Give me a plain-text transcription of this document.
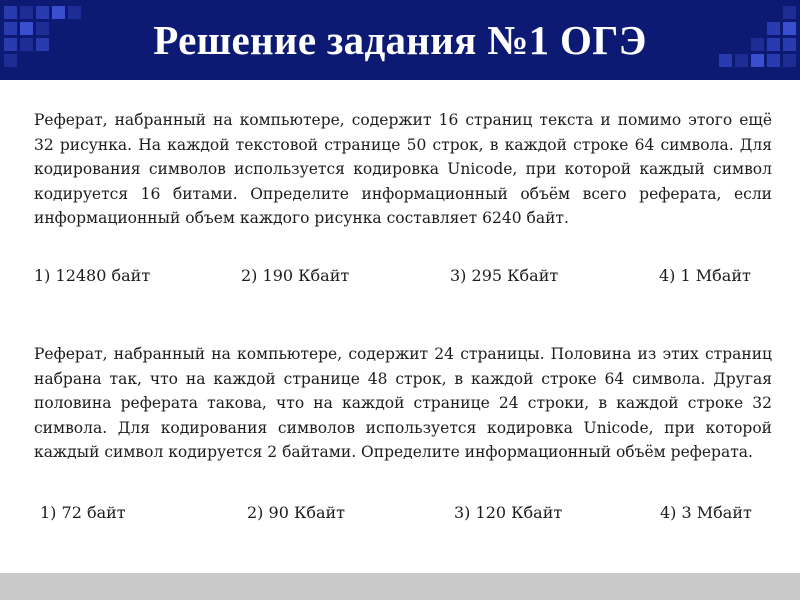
Решение задания №1 ОГЭ
Реферат, набранный на компьютере, содержит 16 страниц текста и помимо этого ещё 32 рисунка. На каждой текстовой странице 50 строк, в каждой строке 64 символа. Для кодирования символов используется кодировка Unicode, при которой каждый символ кодируется 16 битами. Определите информационный объём всего реферата, если информационный объем каждого рисунка составляет 6240 байт.
1) 12480 байт	2) 190 Кбайт	3) 295 Кбайт	4) 1 Мбайт
Реферат, набранный на компьютере, содержит 24 страницы. Половина из этих страниц набрана так, что на каждой странице 48 строк, в каждой строке 64 символа. Другая половина реферата такова, что на каждой странице 24 строки, в каждой строке 32 символа. Для кодирования символов используется кодировка Unicode, при которой каждый символ кодируется 2 байтами. Определите информационный объём реферата.
1) 72 байт	2) 90 Кбайт	3) 120 Кбайт	4) 3 Мбайт
